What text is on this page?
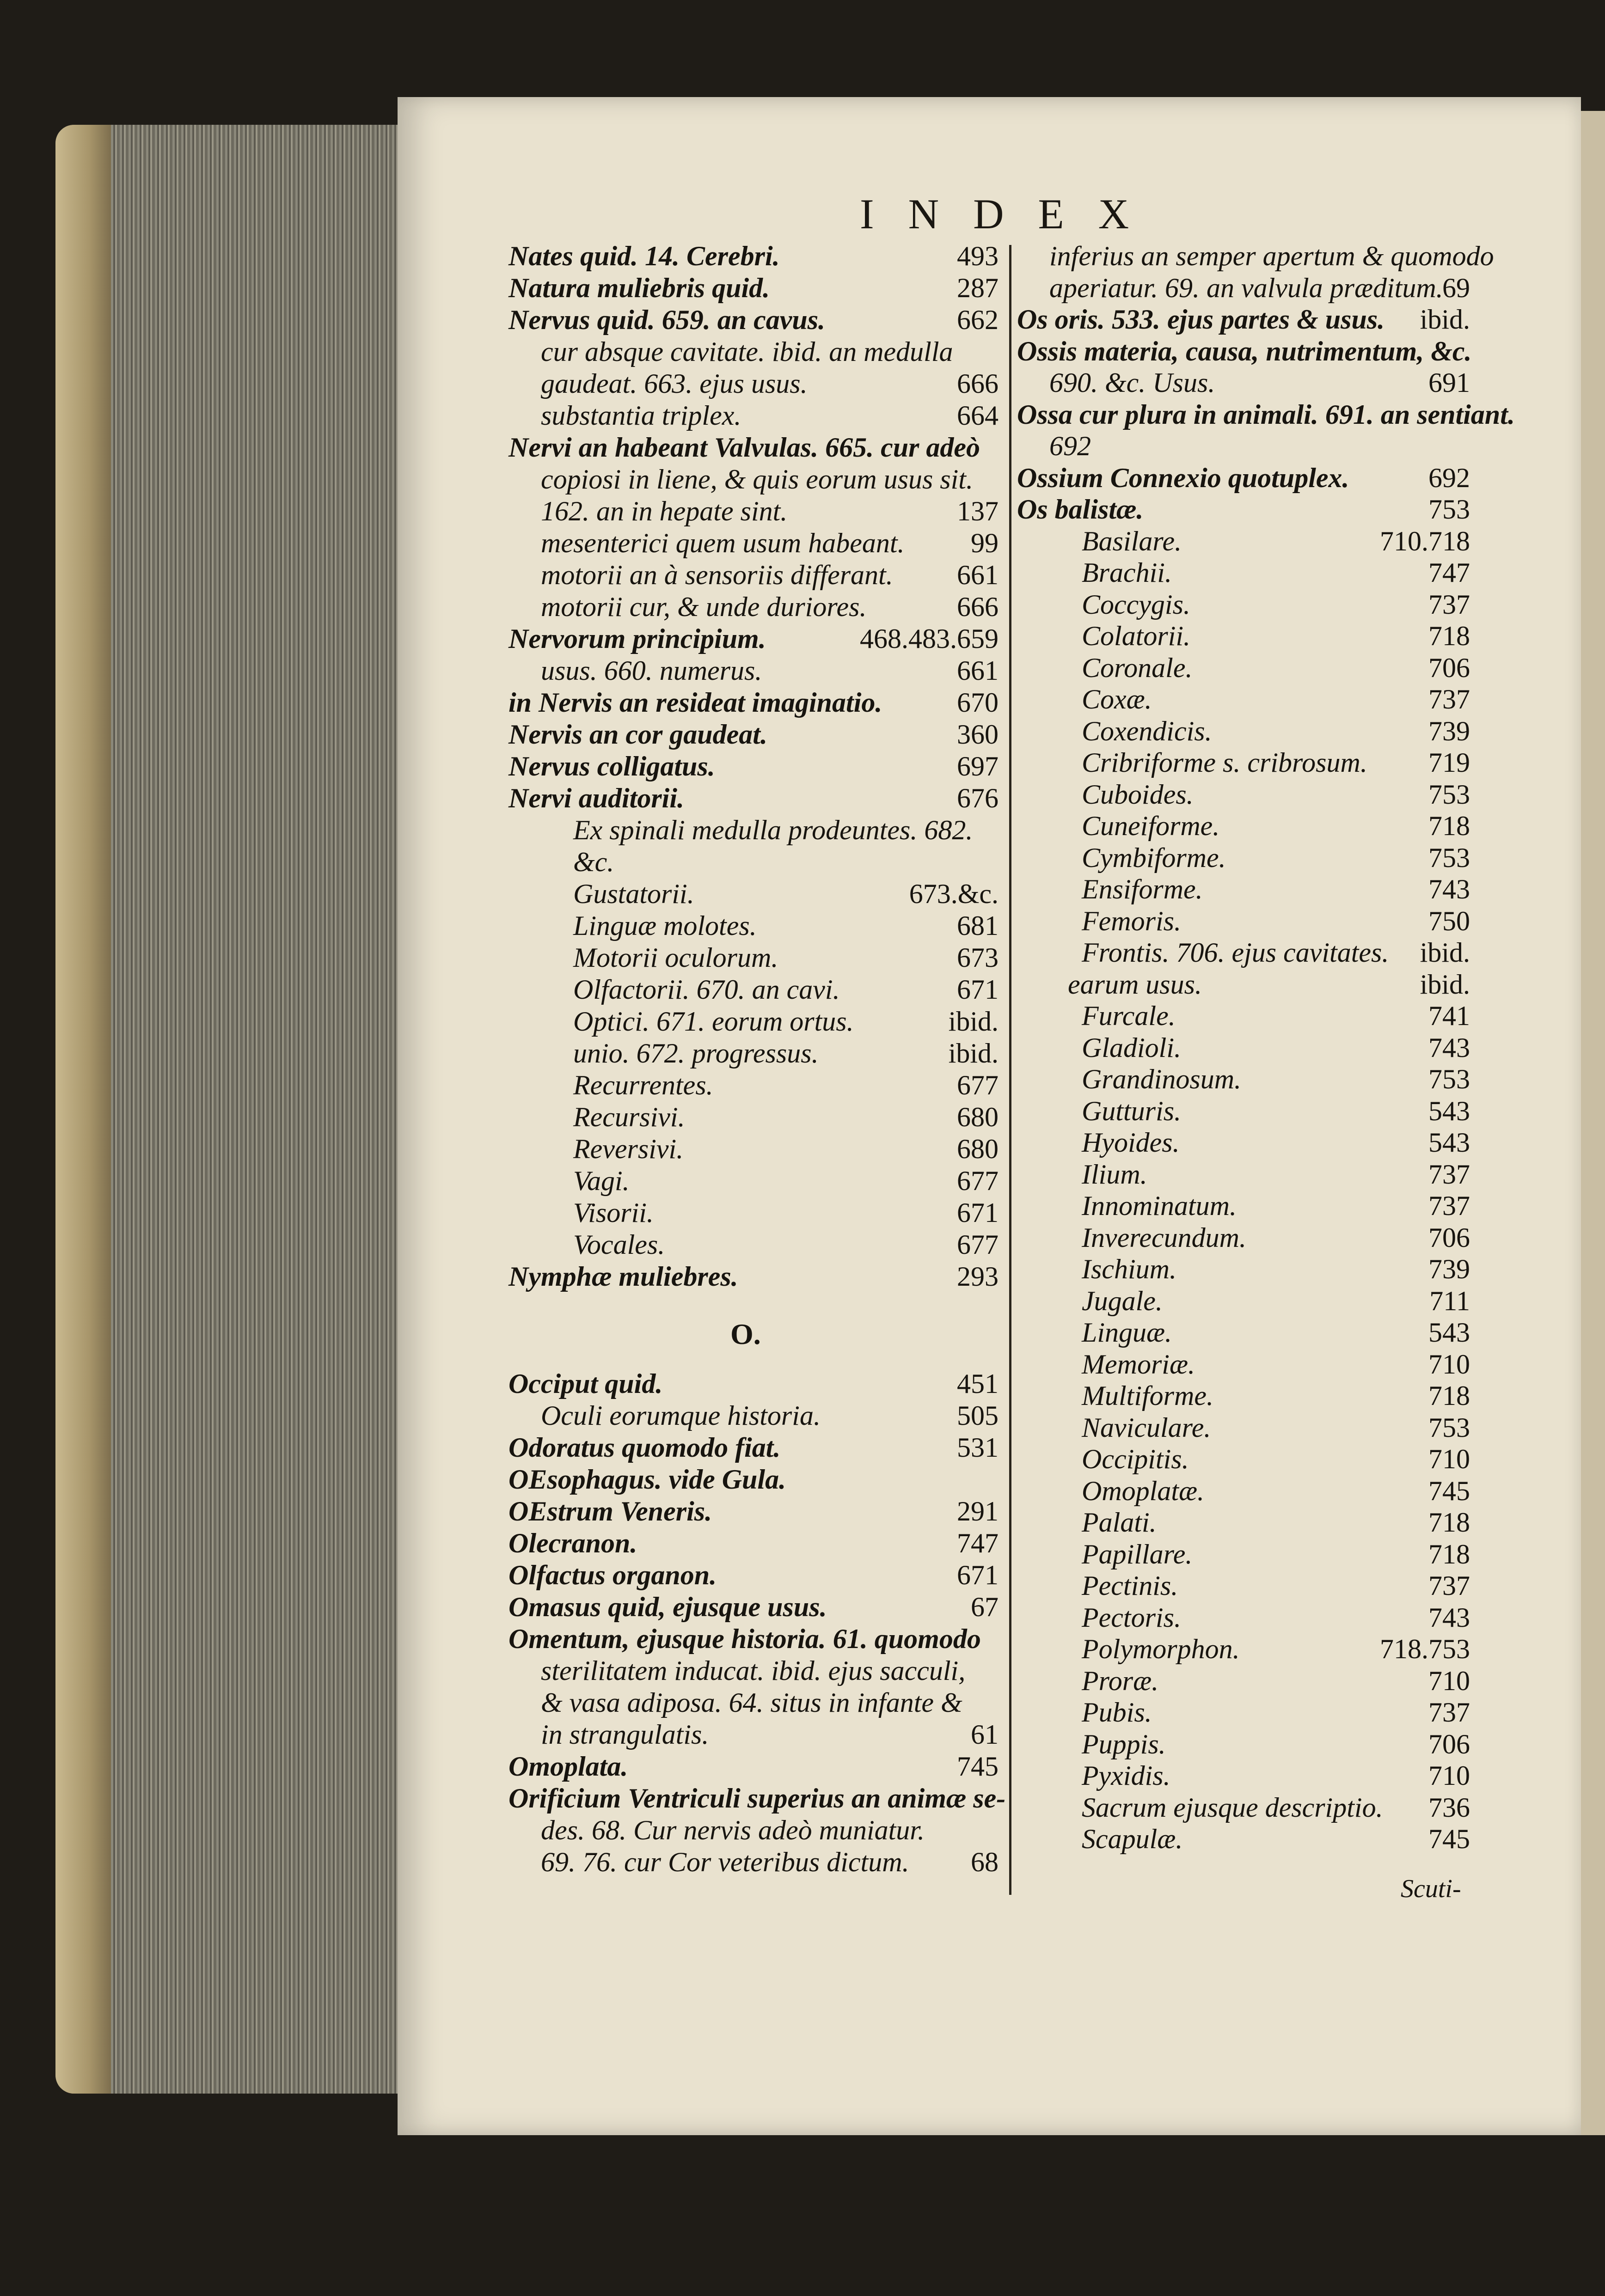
INDEX
Nates quid. 14. Cerebri.	493
Natura muliebris quid.	287
Nervus quid. 659. an cavus.	662
cur absque cavitate. ibid. an medulla
gaudeat. 663. ejus usus.	666
substantia triplex.	664
Nervi an habeant Valvulas. 665. cur adeò
copiosi in liene, & quis eorum usus sit.
162. an in hepate sint.	137
mesenterici quem usum habeant. 99
motorii an à sensoriis differant. 661
motorii cur, & unde duriores.	666
Nervorum principium.	468.483.659
usus. 660. numerus.	661
in Nervis an resideat imaginatio.	670
Nervis an cor gaudeat.	360
Nervus colligatus.	697
Nervi auditorii.	676
Ex spinali medulla prodeuntes. 682.
&c.
Gustatorii.	673.&c.
Linguæ molotes.	681
Motorii oculorum.	673
Olfactorii. 670. an cavi.	671
Optici. 671. eorum ortus.	ibid.
unio. 672. progressus.	ibid.
Recurrentes.	677
Recursivi.	680
Reversivi.	680
Vagi.	677
Visorii.	671
Vocales.	677
Nymphæ muliebres.	293
O.
Occiput quid.	451
Oculi eorumque historia.	505
Odoratus quomodo fiat.	531
OEsophagus. vide Gula.
OEstrum Veneris.	291
Olecranon.	747
Olfactus organon.	671
Omasus quid, ejusque usus.	67
Omentum, ejusque historia. 61. quomodo
sterilitatem inducat. ibid. ejus sacculi,
& vasa adiposa. 64. situs in infante &
in strangulatis.	61
Omoplata.	745
Orificium Ventriculi superius an animæ se-
des. 68. Cur nervis adeò muniatur.
69. 76. cur Cor veteribus dictum. 68
inferius an semper apertum & quomodo
aperiatur. 69. an valvula præditum.
69
Os oris. 533. ejus partes & usus. ibid.
Ossis materia, causa, nutrimentum, &c.
690. &c. Usus.	691
Ossa cur plura in animali. 691. an sentiant.
692
Ossium Connexio quotuplex.	692
Os balistæ.	753
Basilare.	710.718
Brachii.	747
Coccygis.	737
Colatorii.	718
Coronale.	706
Coxæ.	737
Coxendicis.	739
Cribriforme s. cribrosum. 719
Cuboides.	753
Cuneiforme.	718
Cymbiforme.	753
Ensiforme.	743
Femoris.	750
Frontis. 706. ejus cavitates. ibid.
earum usus.	ibid.
Furcale.	741
Gladioli.	743
Grandinosum.	753
Gutturis.	543
Hyoides.	543
Ilium.	737
Innominatum.	737
Inverecundum.	706
Ischium.	739
Jugale.	711
Linguæ.	543
Memoriæ.	710
Multiforme.	718
Naviculare.	753
Occipitis.	710
Omoplatæ.	745
Palati.	718
Papillare.	718
Pectinis.	737
Pectoris.	743
Polymorphon.	718.753
Proræ.	710
Pubis.	737
Puppis.	706
Pyxidis.	710
Sacrum ejusque descriptio. 736
Scapulæ.	745
Scuti-
